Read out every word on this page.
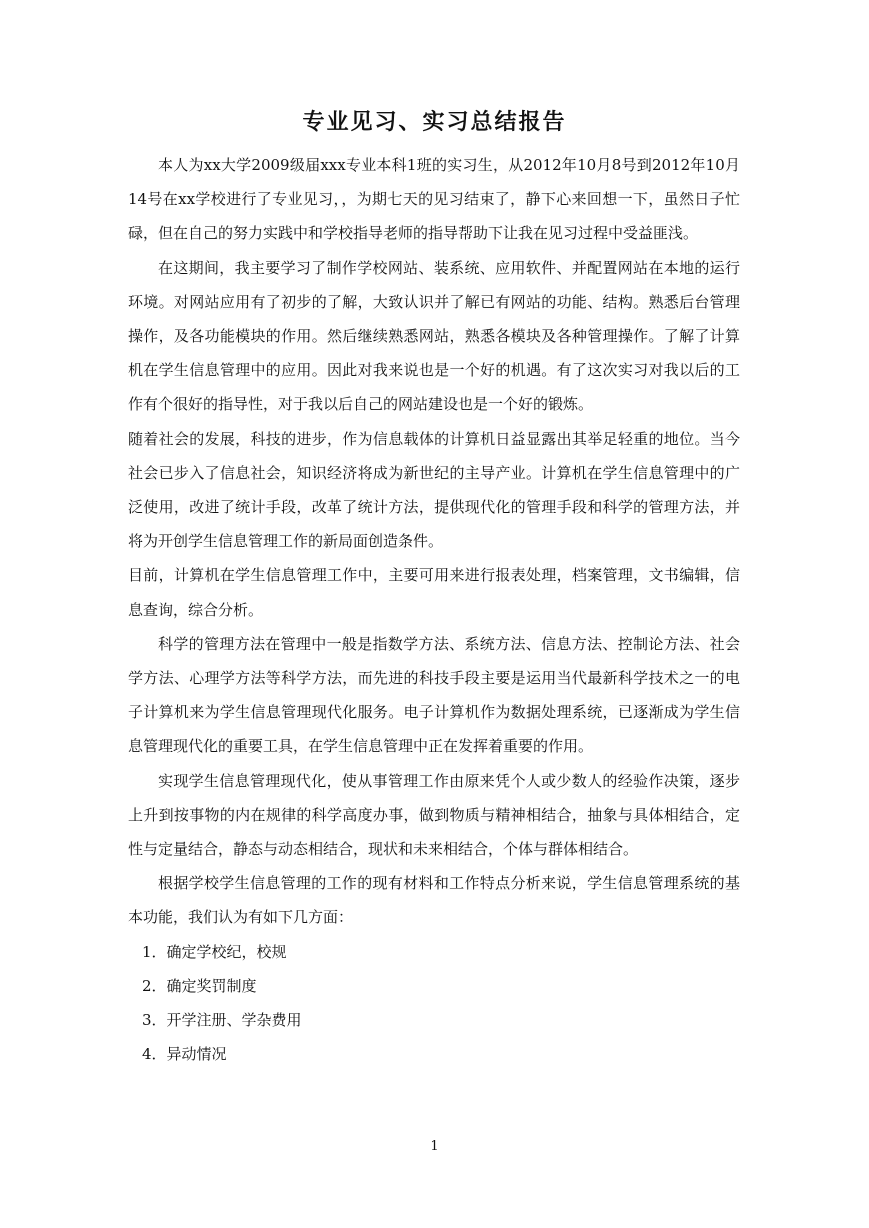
专业见习、实习总结报告

本人为xx大学2009级届xxx专业本科1班的实习生，从2012年10月8号到2012年10月14号在xx学校进行了专业见习，，为期七天的见习结束了，静下心来回想一下，虽然日子忙碌，但在自己的努力实践中和学校指导老师的指导帮助下让我在见习过程中受益匪浅。

在这期间，我主要学习了制作学校网站、装系统、应用软件、并配置网站在本地的运行环境。对网站应用有了初步的了解，大致认识并了解已有网站的功能、结构。熟悉后台管理操作，及各功能模块的作用。然后继续熟悉网站，熟悉各模块及各种管理操作。了解了计算机在学生信息管理中的应用。因此对我来说也是一个好的机遇。有了这次实习对我以后的工作有个很好的指导性，对于我以后自己的网站建设也是一个好的锻炼。

随着社会的发展，科技的进步，作为信息载体的计算机日益显露出其举足轻重的地位。当今社会已步入了信息社会，知识经济将成为新世纪的主导产业。计算机在学生信息管理中的广泛使用，改进了统计手段，改革了统计方法，提供现代化的管理手段和科学的管理方法，并将为开创学生信息管理工作的新局面创造条件。

目前，计算机在学生信息管理工作中，主要可用来进行报表处理，档案管理，文书编辑，信息查询，综合分析。

科学的管理方法在管理中一般是指数学方法、系统方法、信息方法、控制论方法、社会学方法、心理学方法等科学方法，而先进的科技手段主要是运用当代最新科学技术之一的电子计算机来为学生信息管理现代化服务。电子计算机作为数据处理系统，已逐渐成为学生信息管理现代化的重要工具，在学生信息管理中正在发挥着重要的作用。

实现学生信息管理现代化，使从事管理工作由原来凭个人或少数人的经验作决策，逐步上升到按事物的内在规律的科学高度办事，做到物质与精神相结合，抽象与具体相结合，定性与定量结合，静态与动态相结合，现状和未来相结合，个体与群体相结合。

根据学校学生信息管理的工作的现有材料和工作特点分析来说，学生信息管理系统的基本功能，我们认为有如下几方面：

1．确定学校纪，校规

2．确定奖罚制度

3．开学注册、学杂费用

4．异动情况

1
